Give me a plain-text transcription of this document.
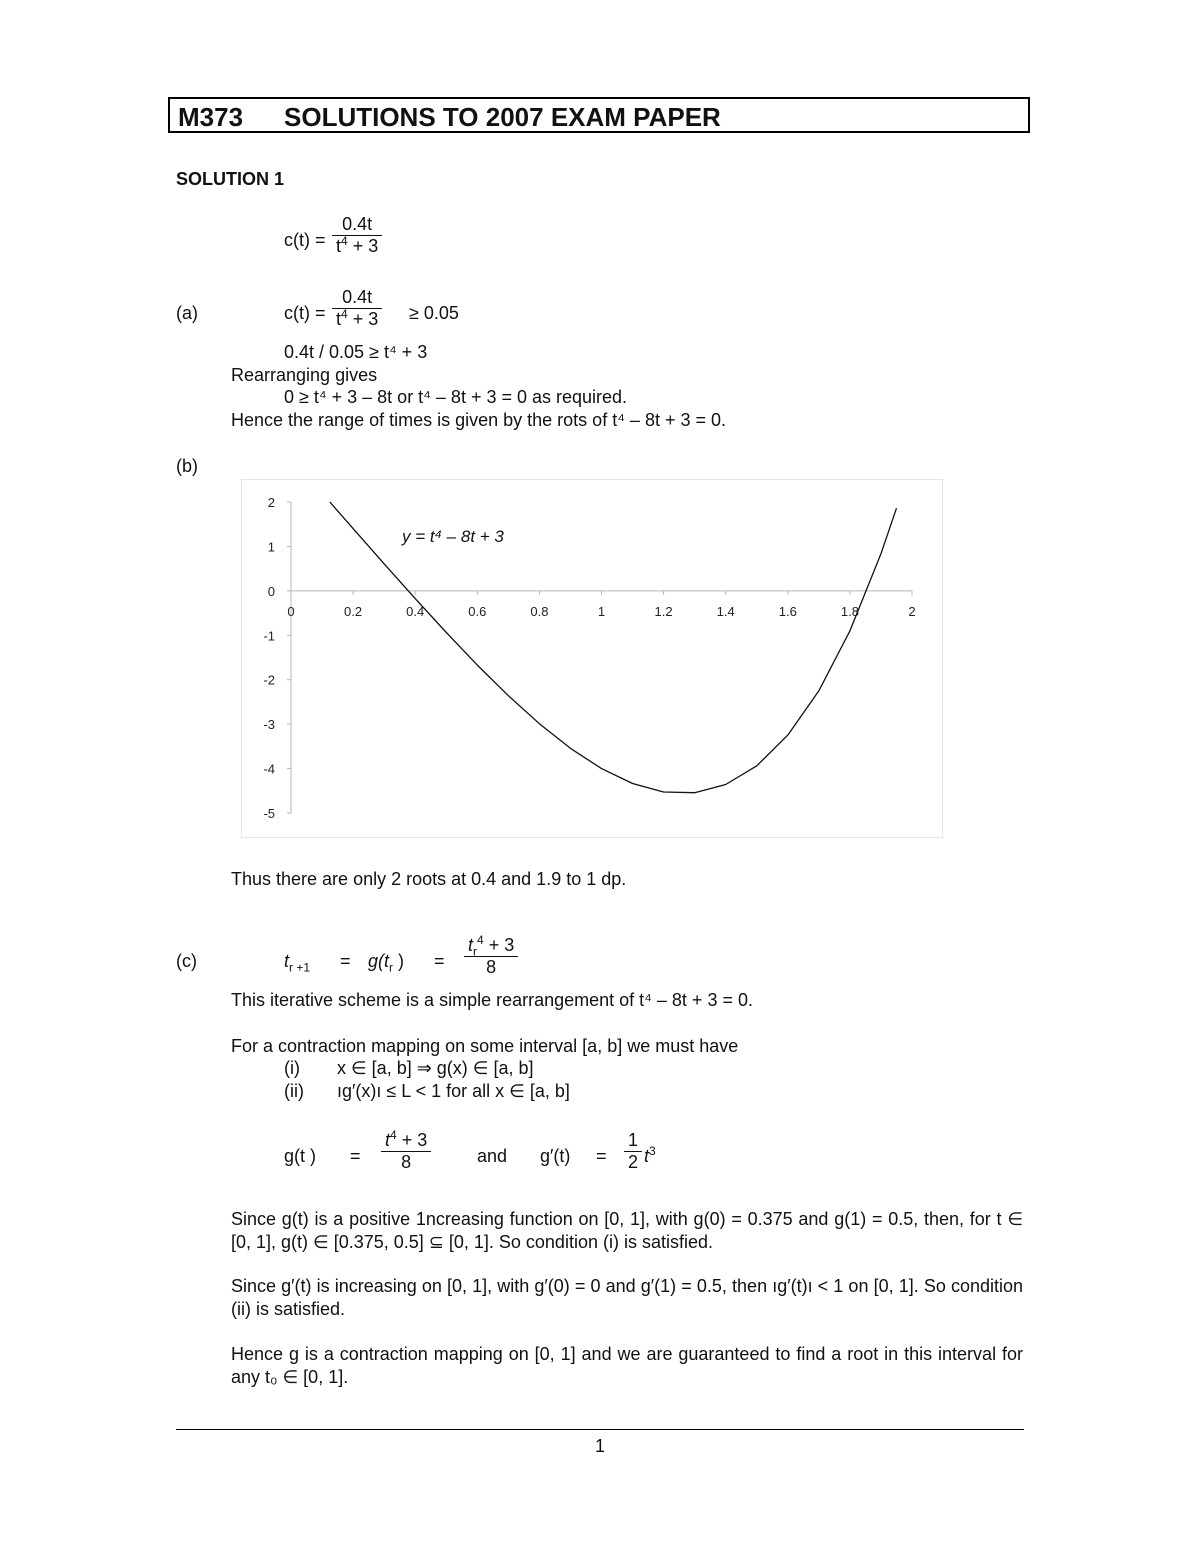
M373 SOLUTIONS TO 2007 EXAM PAPER
SOLUTION 1
$c(t) = \frac{0.4t}{t^4 + 3}$
(a)	$c(t) = \frac{0.4t}{t^4 + 3} \ge 0.05$
0.4t / 0.05 ≥ t⁴ + 3
Rearranging gives
0 ≥ t⁴ + 3 – 8t or t⁴ – 8t + 3 = 0 as required.
Hence the range of times is given by the rots of t⁴ – 8t + 3 = 0.
(b)
0	0.2	0.4	0.6	0.8	1	1.2	1.4	1.6	1.8	2
2
1
0
-1
-2
-3
-4
-5
y = t⁴ – 8t + 3
Thus there are only 2 roots at 0.4 and 1.9 to 1 dp.
(c)	$t_{r +1} = g(t_r$ ) = $\frac{t_r^4 + 3}{8}$
This iterative scheme is a simple rearrangement of t⁴ – 8t + 3 = 0.
For a contraction mapping on some interval [a, b] we must have
(i) x ∈ [a, b] ⇒ g(x) ∈ [a, b]
(ii) ıg′(x)ı ≤ L < 1 for all x ∈ [a, b]
g(t ) = $\frac{t^4 + 3}{8}$	and $g'(t) = \frac{1}{2} t^3$
Since g(t) is a positive 1ncreasing function on [0, 1], with g(0) = 0.375 and g(1) = 0.5, then, for t ∈ [0, 1], g(t) ∈ [0.375, 0.5] ⊆ [0, 1]. So condition (i) is satisfied.
Since g′(t) is increasing on [0, 1], with g′(0) = 0 and g′(1) = 0.5, then ıg′(t)ı < 1 on [0, 1]. So condition (ii) is satisfied.
Hence g is a contraction mapping on [0, 1] and we are guaranteed to find a root in this interval for any t₀ ∈ [0, 1].
1
